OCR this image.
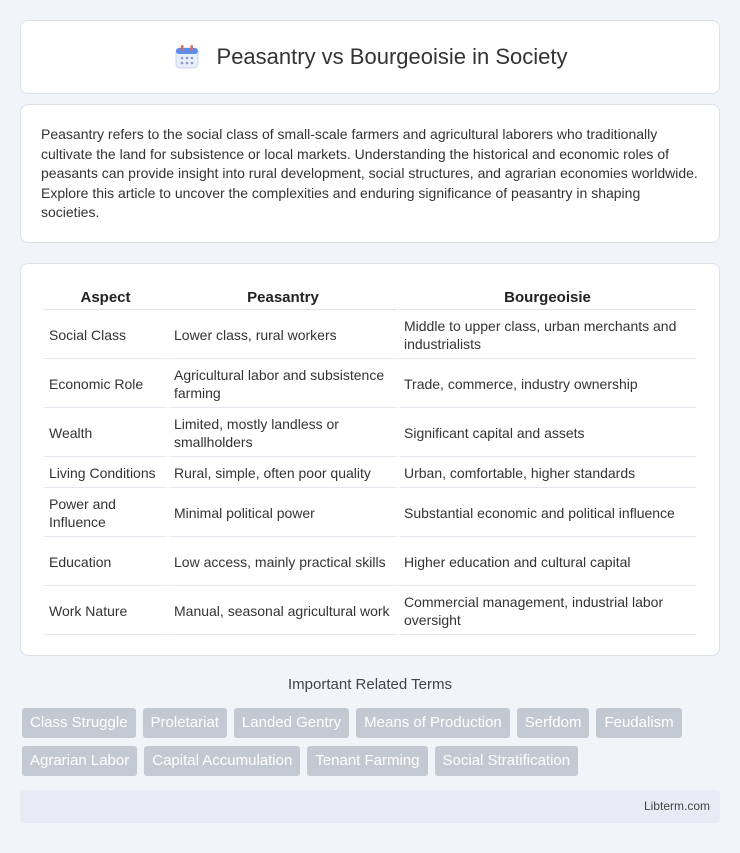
Peasantry vs Bourgeoisie in Society

Peasantry refers to the social class of small-scale farmers and agricultural laborers who traditionally cultivate the land for subsistence or local markets. Understanding the historical and economic roles of peasants can provide insight into rural development, social structures, and agrarian economies worldwide. Explore this article to uncover the complexities and enduring significance of peasantry in shaping societies.

Aspect	Peasantry	Bourgeoisie
Social Class	Lower class, rural workers	Middle to upper class, urban merchants and industrialists
Economic Role	Agricultural labor and subsistence farming	Trade, commerce, industry ownership
Wealth	Limited, mostly landless or smallholders	Significant capital and assets
Living Conditions	Rural, simple, often poor quality	Urban, comfortable, higher standards
Power and Influence	Minimal political power	Substantial economic and political influence
Education	Low access, mainly practical skills	Higher education and cultural capital
Work Nature	Manual, seasonal agricultural work	Commercial management, industrial labor oversight
Important Related Terms
Class Struggle	Proletariat	Landed Gentry	Means of Production	Serfdom	Feudalism
Agrarian Labor	Capital Accumulation	Tenant Farming	Social Stratification
Libterm.com
